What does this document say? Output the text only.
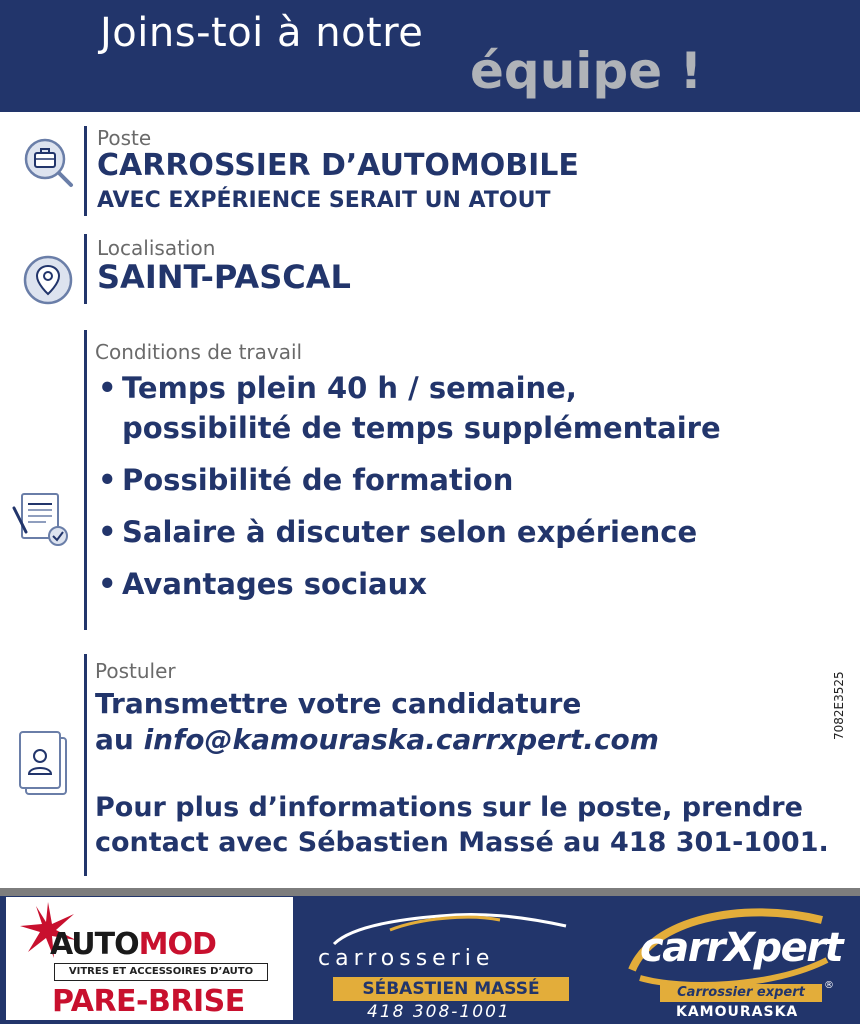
Joins-toi à notre
équipe !
Poste
CARROSSIER D’AUTOMOBILE
AVEC EXPÉRIENCE SERAIT UN ATOUT
Localisation
SAINT-PASCAL
Conditions de travail
• Temps plein 40 h / semaine, possibilité de temps supplémentaire
• Possibilité de formation
• Salaire à discuter selon expérience
• Avantages sociaux
Postuler
Transmettre votre candidature
au info@kamouraska.carrxpert.com
Pour plus d’informations sur le poste, prendre
contact avec Sébastien Massé au 418 301-1001.
7082E3525
AUTOMOD
VITRES ET ACCESSOIRES D’AUTO
PARE-BRISE
carrosserie
SÉBASTIEN MASSÉ
418 308-1001
carrXpert
Carrossier expert	®
KAMOURASKA
